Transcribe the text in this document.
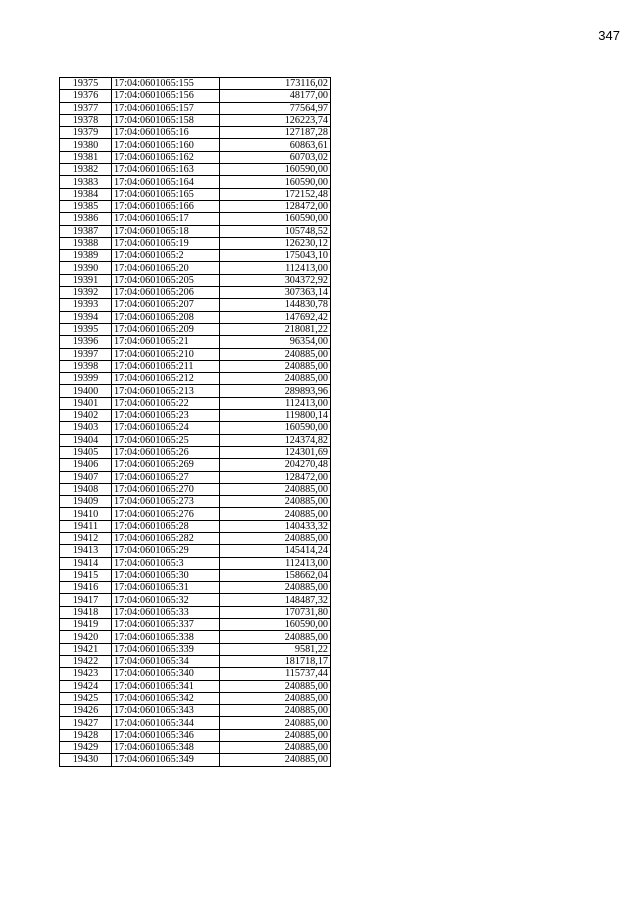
347
19375	17:04:0601065:155	173116,02
19376	17:04:0601065:156	48177,00
19377	17:04:0601065:157	77564,97
19378	17:04:0601065:158	126223,74
19379	17:04:0601065:16	127187,28
19380	17:04:0601065:160	60863,61
19381	17:04:0601065:162	60703,02
19382	17:04:0601065:163	160590,00
19383	17:04:0601065:164	160590,00
19384	17:04:0601065:165	172152,48
19385	17:04:0601065:166	128472,00
19386	17:04:0601065:17	160590,00
19387	17:04:0601065:18	105748,52
19388	17:04:0601065:19	126230,12
19389	17:04:0601065:2	175043,10
19390	17:04:0601065:20	112413,00
19391	17:04:0601065:205	304372,92
19392	17:04:0601065:206	307363,14
19393	17:04:0601065:207	144830,78
19394	17:04:0601065:208	147692,42
19395	17:04:0601065:209	218081,22
19396	17:04:0601065:21	96354,00
19397	17:04:0601065:210	240885,00
19398	17:04:0601065:211	240885,00
19399	17:04:0601065:212	240885,00
19400	17:04:0601065:213	289893,96
19401	17:04:0601065:22	112413,00
19402	17:04:0601065:23	119800,14
19403	17:04:0601065:24	160590,00
19404	17:04:0601065:25	124374,82
19405	17:04:0601065:26	124301,69
19406	17:04:0601065:269	204270,48
19407	17:04:0601065:27	128472,00
19408	17:04:0601065:270	240885,00
19409	17:04:0601065:273	240885,00
19410	17:04:0601065:276	240885,00
19411	17:04:0601065:28	140433,32
19412	17:04:0601065:282	240885,00
19413	17:04:0601065:29	145414,24
19414	17:04:0601065:3	112413,00
19415	17:04:0601065:30	158662,04
19416	17:04:0601065:31	240885,00
19417	17:04:0601065:32	148487,32
19418	17:04:0601065:33	170731,80
19419	17:04:0601065:337	160590,00
19420	17:04:0601065:338	240885,00
19421	17:04:0601065:339	9581,22
19422	17:04:0601065:34	181718,17
19423	17:04:0601065:340	115737,44
19424	17:04:0601065:341	240885,00
19425	17:04:0601065:342	240885,00
19426	17:04:0601065:343	240885,00
19427	17:04:0601065:344	240885,00
19428	17:04:0601065:346	240885,00
19429	17:04:0601065:348	240885,00
19430	17:04:0601065:349	240885,00
